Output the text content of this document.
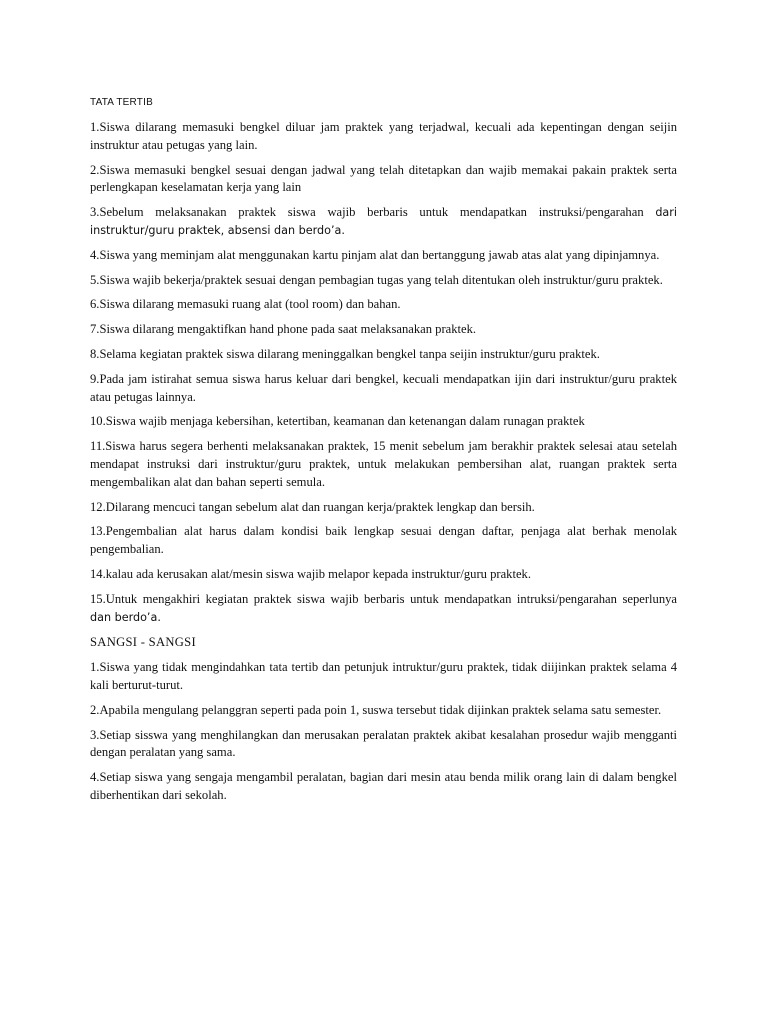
TATA TERTIB

1.Siswa dilarang memasuki bengkel diluar jam praktek yang terjadwal, kecuali ada kepentingan dengan seijin instruktur atau petugas yang lain.

2.Siswa memasuki bengkel sesuai dengan jadwal yang telah ditetapkan dan wajib memakai pakain praktek serta perlengkapan keselamatan kerja yang lain

3.Sebelum melaksanakan praktek siswa wajib berbaris untuk mendapatkan instruksi/pengarahan dari instruktur/guru praktek, absensi dan berdo’a.

4.Siswa yang meminjam alat menggunakan kartu pinjam alat dan bertanggung jawab atas alat yang dipinjamnya.

5.Siswa wajib bekerja/praktek sesuai dengan pembagian tugas yang telah ditentukan oleh instruktur/guru praktek.

6.Siswa dilarang memasuki ruang alat (tool room) dan bahan.

7.Siswa dilarang mengaktifkan hand phone pada saat melaksanakan praktek.

8.Selama kegiatan praktek siswa dilarang meninggalkan bengkel tanpa seijin instruktur/guru praktek.

9.Pada jam istirahat semua siswa harus keluar dari bengkel, kecuali mendapatkan ijin dari instruktur/guru praktek atau petugas lainnya.

10.Siswa wajib menjaga kebersihan, ketertiban, keamanan dan ketenangan dalam runagan praktek

11.Siswa harus segera berhenti melaksanakan praktek, 15 menit sebelum jam berakhir praktek selesai atau setelah mendapat instruksi dari instruktur/guru praktek, untuk melakukan pembersihan alat, ruangan praktek serta mengembalikan alat dan bahan seperti semula.

12.Dilarang mencuci tangan sebelum alat dan ruangan kerja/praktek lengkap dan bersih.

13.Pengembalian alat harus dalam kondisi baik lengkap sesuai dengan daftar, penjaga alat berhak menolak pengembalian.

14.kalau ada kerusakan alat/mesin siswa wajib melapor kepada instruktur/guru praktek.

15.Untuk mengakhiri kegiatan praktek siswa wajib berbaris untuk mendapatkan intruksi/pengarahan seperlunya dan berdo’a.

SANGSI - SANGSI

1.Siswa yang tidak mengindahkan tata tertib dan petunjuk intruktur/guru praktek, tidak diijinkan praktek selama 4 kali berturut-turut.

2.Apabila mengulang pelanggran seperti pada poin 1, suswa tersebut tidak dijinkan praktek selama satu semester.

3.Setiap sisswa yang menghilangkan dan merusakan peralatan praktek akibat kesalahan prosedur wajib mengganti dengan peralatan yang sama.

4.Setiap siswa yang sengaja mengambil peralatan, bagian dari mesin atau benda milik orang lain di dalam bengkel diberhentikan dari sekolah.
